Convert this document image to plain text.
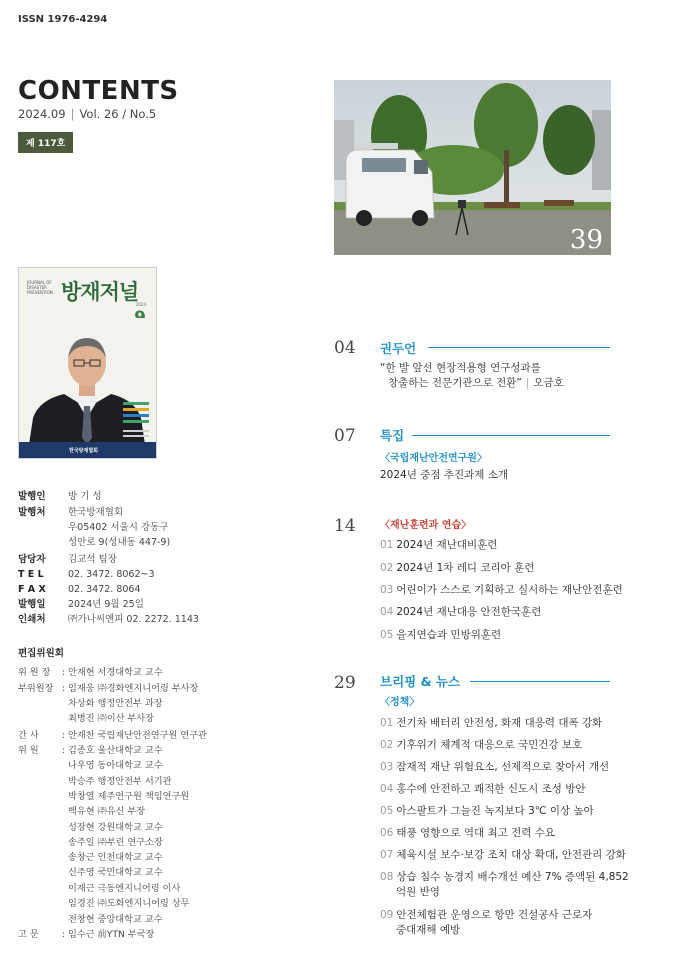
ISSN 1976-4294
CONTENTS
2024.09 | Vol. 26 / No.5
제 117호
JOURNAL OF DISASTER PREVENTION 방재저널
2024
한국방재협회
발행인 방 기 성
발행처 한국방재협회
우05402 서울시 강동구
성안로 9(성내동 447-9)
담당자 김교석 팀장
T E L	02. 3472. 8062~3
F A X 02. 3472. 8064
발행일 2024년 9월 25일
인쇄처 ㈜가나씨앤피 02. 2272. 1143
편집위원회
위 원 장 : 안재현 서경대학교 교수
부위원장 : 임재웅 ㈜경화엔지니어링 부사장
차상화 행정안전부 과장
최병진 ㈜이산 부사장
간 사	: 안재찬 국립재난안전연구원 연구관
위 원	: 김종호 울산대학교 교수
나우영 동아대학교 교수
박승주 행정안전부 서기관
박창열 제주연구원 책임연구원
백유현 ㈜유신 부장
성장현 강원대학교 교수
송주일 ㈜부린 연구소장
송창근 인천대학교 교수
신주영 국민대학교 교수
이재근 극동엔지니어링 이사
임경진 ㈜도화엔지니어링 상무
전창현 중앙대학교 교수
고 문	: 임수근 前YTN 부국장
39
04 권두언
“한 발 앞선 현장적용형 연구성과를
창출하는 전문기관으로 전환” | 오금호
07 특집
〈국립재난안전연구원〉
2024년 중점 추진과제 소개
14 〈재난훈련과 연습〉
01 2024년 재난대비훈련
02 2024년 1차 레디 코리아 훈련
03 어린이가 스스로 기획하고 실시하는 재난안전훈련
04 2024년 재난대응 안전한국훈련
05 을지연습과 민방위훈련
29 브리핑 & 뉴스
〈정책〉
01 전기차 배터리 안전성, 화재 대응력 대폭 강화
02 기후위기 체계적 대응으로 국민건강 보호
03 잠재적 재난 위험요소, 선제적으로 찾아서 개선
04 홍수에 안전하고 쾌적한 신도시 조성 방안
05 아스팔트가 그늘진 녹지보다 3℃ 이상 높아
06 태풍 영향으로 역대 최고 전력 수요
07 체육시설 보수·보강 조치 대상 확대, 안전관리 강화
08 상습 침수 농경지 배수개선 예산 7% 증액된 4,852
억원 반영
09 안전체험관 운영으로 항만 건설공사 근로자
중대재해 예방
